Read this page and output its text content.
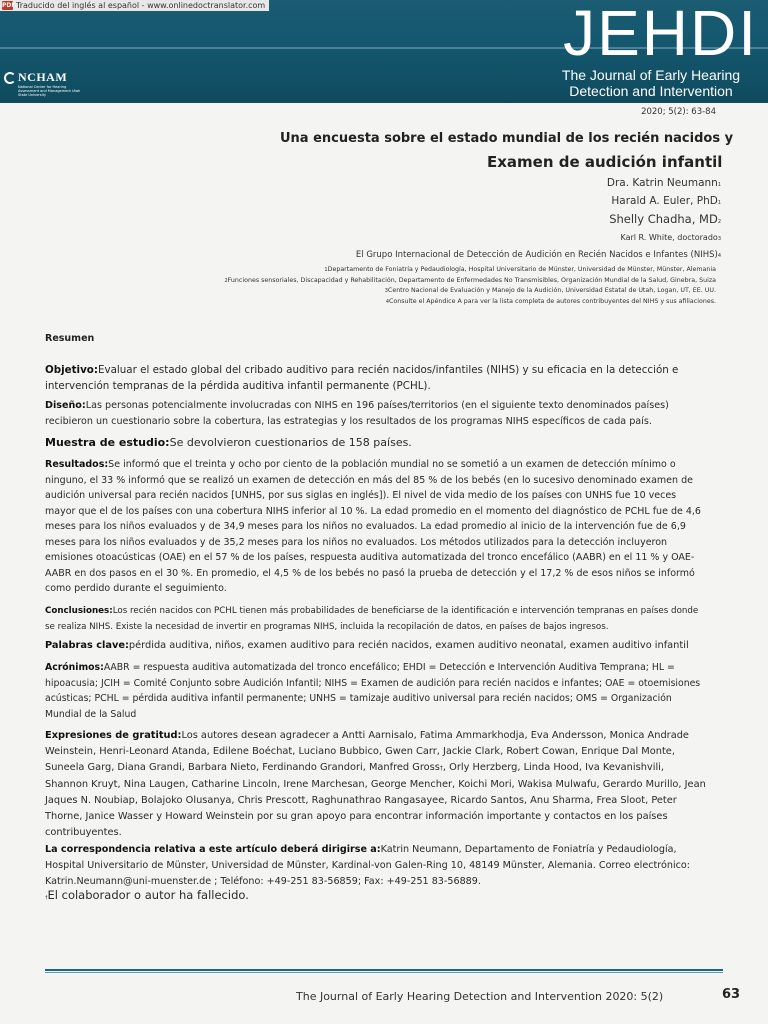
PDF Traducido del inglés al español - www.onlinedoctranslator.com
NCHAM
National Center for Hearing Assessment and Management Utah State University
JEHDI
The Journal of Early Hearing
Detection and Intervention
2020; 5(2): 63-84
Una encuesta sobre el estado mundial de los recién nacidos y
Examen de audición infantil
Dra. Katrin Neumann1
Harald A. Euler, PhD1
Shelly Chadha, MD2
Karl R. White, doctorado3
El Grupo Internacional de Detección de Audición en Recién Nacidos e Infantes (NIHS)4
1Departamento de Foniatría y Pedaudiología, Hospital Universitario de Münster, Universidad de Münster, Münster, Alemania
2Funciones sensoriales, Discapacidad y Rehabilitación, Departamento de Enfermedades No Transmisibles, Organización Mundial de la Salud, Ginebra, Suiza
3Centro Nacional de Evaluación y Manejo de la Audición, Universidad Estatal de Utah, Logan, UT, EE. UU.
4Consulte el Apéndice A para ver la lista completa de autores contribuyentes del NIHS y sus afiliaciones.
Resumen
Objetivo:Evaluar el estado global del cribado auditivo para recién nacidos/infantiles (NIHS) y su eficacia en la detección e intervención tempranas de la pérdida auditiva infantil permanente (PCHL).
Diseño:Las personas potencialmente involucradas con NIHS en 196 países/territorios (en el siguiente texto denominados países) recibieron un cuestionario sobre la cobertura, las estrategias y los resultados de los programas NIHS específicos de cada país.
Muestra de estudio:Se devolvieron cuestionarios de 158 países.
Resultados:Se informó que el treinta y ocho por ciento de la población mundial no se sometió a un examen de detección mínimo o ninguno, el 33 % informó que se realizó un examen de detección en más del 85 % de los bebés (en lo sucesivo denominado examen de audición universal para recién nacidos [UNHS, por sus siglas en inglés]). El nivel de vida medio de los países con UNHS fue 10 veces mayor que el de los países con una cobertura NIHS inferior al 10 %. La edad promedio en el momento del diagnóstico de PCHL fue de 4,6 meses para los niños evaluados y de 34,9 meses para los niños no evaluados. La edad promedio al inicio de la intervención fue de 6,9 meses para los niños evaluados y de 35,2 meses para los niños no evaluados. Los métodos utilizados para la detección incluyeron emisiones otoacústicas (OAE) en el 57 % de los países, respuesta auditiva automatizada del tronco encefálico (AABR) en el 11 % y OAE-AABR en dos pasos en el 30 %. En promedio, el 4,5 % de los bebés no pasó la prueba de detección y el 17,2 % de esos niños se informó como perdido durante el seguimiento.
Conclusiones:Los recién nacidos con PCHL tienen más probabilidades de beneficiarse de la identificación e intervención tempranas en países donde se realiza NIHS. Existe la necesidad de invertir en programas NIHS, incluida la recopilación de datos, en países de bajos ingresos.
Palabras clave:pérdida auditiva, niños, examen auditivo para recién nacidos, examen auditivo neonatal, examen auditivo infantil
Acrónimos:AABR = respuesta auditiva automatizada del tronco encefálico; EHDI = Detección e Intervención Auditiva Temprana; HL = hipoacusia; JCIH = Comité Conjunto sobre Audición Infantil; NIHS = Examen de audición para recién nacidos e infantes; OAE = otoemisiones acústicas; PCHL = pérdida auditiva infantil permanente; UNHS = tamizaje auditivo universal para recién nacidos; OMS = Organización Mundial de la Salud
Expresiones de gratitud:Los autores desean agradecer a Antti Aarnisalo, Fatima Ammarkhodja, Eva Andersson, Monica Andrade Weinstein, Henri-Leonard Atanda, Edilene Boéchat, Luciano Bubbico, Gwen Carr, Jackie Clark, Robert Cowan, Enrique Dal Monte, Suneela Garg, Diana Grandi, Barbara Nieto, Ferdinando Grandori, Manfred Gross†, Orly Herzberg, Linda Hood, Iva Kevanishvili, Shannon Kruyt, Nina Laugen, Catharine Lincoln, Irene Marchesan, George Mencher, Koichi Mori, Wakisa Mulwafu, Gerardo Murillo, Jean Jaques N. Noubiap, Bolajoko Olusanya, Chris Prescott, Raghunathrao Rangasayee, Ricardo Santos, Anu Sharma, Frea Sloot, Peter Thorne, Janice Wasser y Howard Weinstein por su gran apoyo para encontrar información importante y contactos en los países contribuyentes.
La correspondencia relativa a este artículo deberá dirigirse a:Katrin Neumann, Departamento de Foniatría y Pedaudiología, Hospital Universitario de Münster, Universidad de Münster, Kardinal-von Galen-Ring 10, 48149 Münster, Alemania. Correo electrónico: Katrin.Neumann@uni-muenster.de ; Teléfono: +49-251 83-56859; Fax: +49-251 83-56889.
†El colaborador o autor ha fallecido.
The Journal of Early Hearing Detection and Intervention 2020: 5(2)	63
